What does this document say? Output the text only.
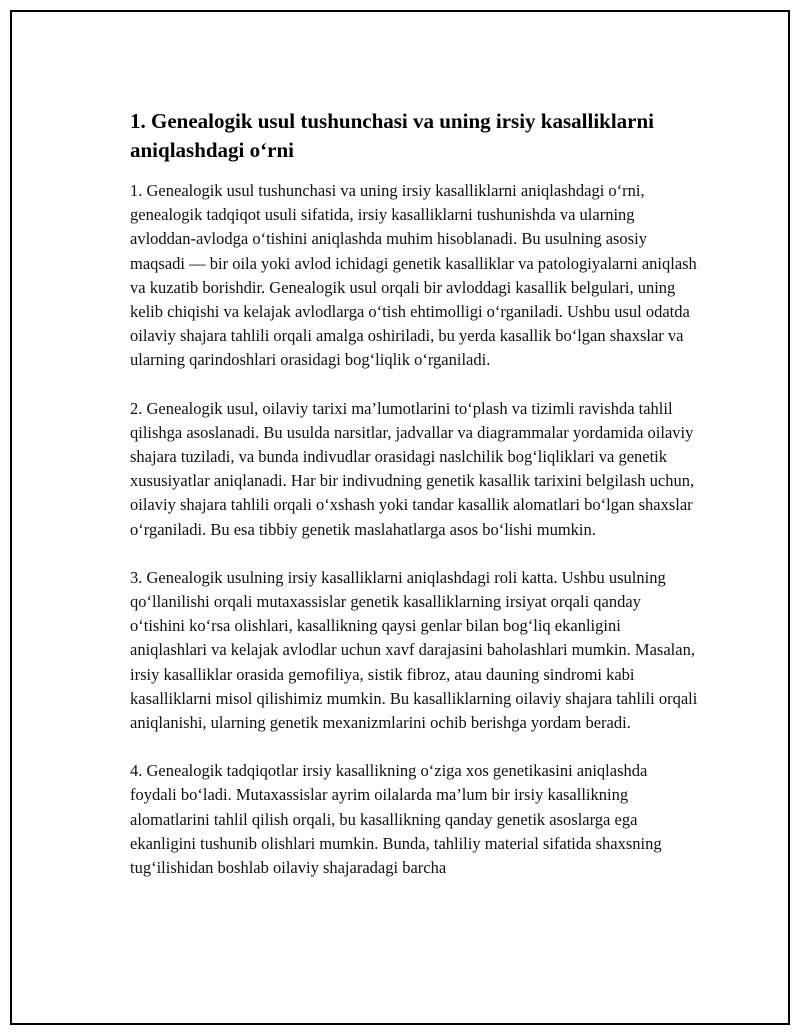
1. Genealogik usul tushunchasi va uning irsiy kasalliklarni aniqlashdagi o‘rni

1. Genealogik usul tushunchasi va uning irsiy kasalliklarni aniqlashdagi o‘rni, genealogik tadqiqot usuli sifatida, irsiy kasalliklarni tushunishda va ularning avloddan-avlodga o‘tishini aniqlashda muhim hisoblanadi. Bu usulning asosiy maqsadi — bir oila yoki avlod ichidagi genetik kasalliklar va patologiyalarni aniqlash va kuzatib borishdir. Genealogik usul orqali bir avloddagi kasallik belgulari, uning kelib chiqishi va kelajak avlodlarga o‘tish ehtimolligi o‘rganiladi. Ushbu usul odatda oilaviy shajara tahlili orqali amalga oshiriladi, bu yerda kasallik bo‘lgan shaxslar va ularning qarindoshlari orasidagi bog‘liqlik o‘rganiladi.

2. Genealogik usul, oilaviy tarixi ma’lumotlarini to‘plash va tizimli ravishda tahlil qilishga asoslanadi. Bu usulda narsitlar, jadvallar va diagrammalar yordamida oilaviy shajara tuziladi, va bunda indivudlar orasidagi naslchilik bog‘liqliklari va genetik xususiyatlar aniqlanadi. Har bir indivudning genetik kasallik tarixini belgilash uchun, oilaviy shajara tahlili orqali o‘xshash yoki tandar kasallik alomatlari bo‘lgan shaxslar o‘rganiladi. Bu esa tibbiy genetik maslahatlarga asos bo‘lishi mumkin.

3. Genealogik usulning irsiy kasalliklarni aniqlashdagi roli katta. Ushbu usulning qo‘llanilishi orqali mutaxassislar genetik kasalliklarning irsiyat orqali qanday o‘tishini ko‘rsa olishlari, kasallikning qaysi genlar bilan bog‘liq ekanligini aniqlashlari va kelajak avlodlar uchun xavf darajasini baholashlari mumkin. Masalan, irsiy kasalliklar orasida gemofiliya, sistik fibroz, atau dauning sindromi kabi kasalliklarni misol qilishimiz mumkin. Bu kasalliklarning oilaviy shajara tahlili orqali aniqlanishi, ularning genetik mexanizmlarini ochib berishga yordam beradi.

4. Genealogik tadqiqotlar irsiy kasallikning o‘ziga xos genetikasini aniqlashda foydali bo‘ladi. Mutaxassislar ayrim oilalarda ma’lum bir irsiy kasallikning alomatlarini tahlil qilish orqali, bu kasallikning qanday genetik asoslarga ega ekanligini tushunib olishlari mumkin. Bunda, tahliliy material sifatida shaxsning tug‘ilishidan boshlab oilaviy shajaradagi barcha
